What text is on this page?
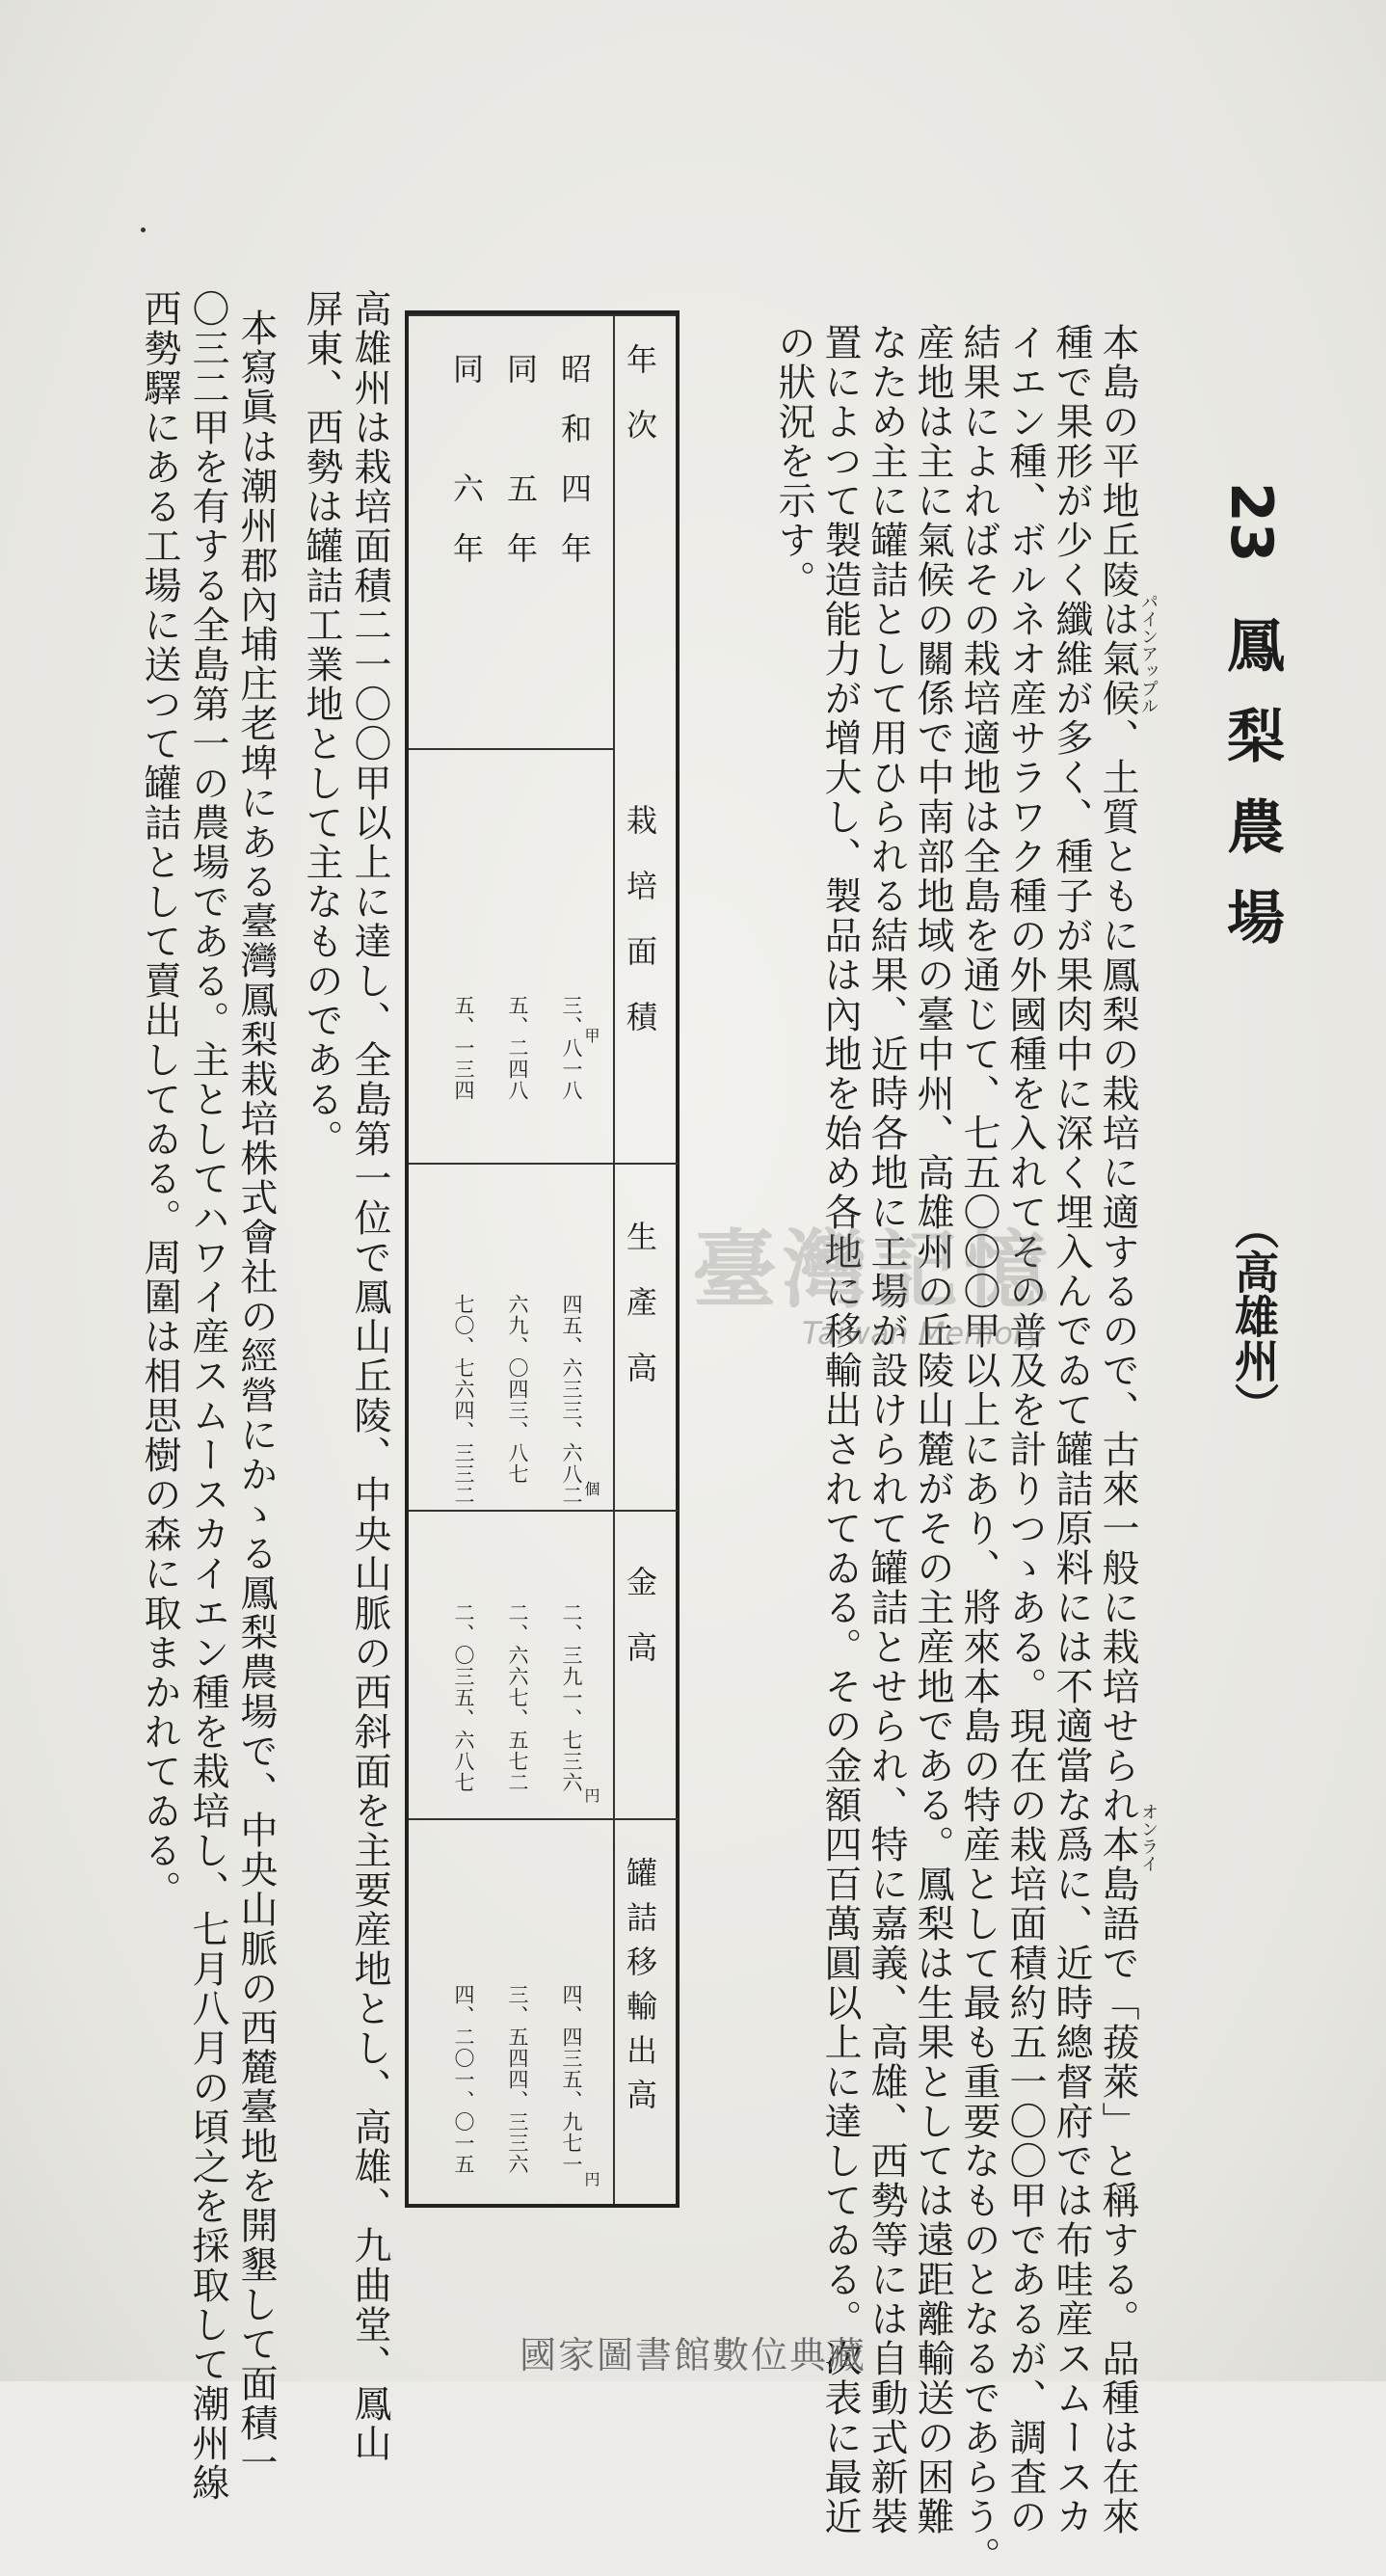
23 鳳梨農場
（高雄州）
本島の平地丘陵は氣候、土質ともに鳳梨の栽培に適するので、古來一般に栽培せられ本島語で「菝萊」と稱する。品種は在來
種で果形が少く纖維が多く、種子が果肉中に深く埋入んでゐて罐詰原料には不適當な爲に、近時總督府では布哇産スムースカ
イエン種、ボルネオ産サラワク種の外國種を入れてその普及を計りつゝある。現在の栽培面積約五一〇〇甲であるが、調査の
結果によればその栽培適地は全島を通じて、七五〇〇〇甲以上にあり、將來本島の特産として最も重要なものとなるであらう。
産地は主に氣候の關係で中南部地域の臺中州、高雄州の丘陵山麓がその主産地である。鳳梨は生果としては遠距離輸送の困難
なため主に罐詰として用ひられる結果、近時各地に工場が設けられて罐詰とせられ、特に嘉義、高雄、西勢等には自動式新裝
置によつて製造能力が增大し、製品は內地を始め各地に移輸出されてゐる。その金額四百萬圓以上に達してゐる。次表に最近
の狀況を示す。
パインアップル
オンライ
年次
栽培面積
生產高
金高
罐詰移輸出高
昭和四年
同　五年
同　六年
甲
三、八一八
五、二四八
五、一三四
個
四五、六三三、六八二
六九、〇四三、八七
七〇、七六四、三三二
円
二、三九一、七三六
二、六六七、五七二
二、〇三五、六八七
円
四、四三五、九七一
三、五四四、三三六
四、二〇一、〇一五
高雄州は栽培面積二一〇〇甲以上に達し、全島第一位で鳳山丘陵、中央山脈の西斜面を主要産地とし、高雄、九曲堂、鳳山
屏東、西勢は罐詰工業地として主なものである。
本寫眞は潮州郡內埔庄老埤にある臺灣鳳梨栽培株式會社の經營にかゝる鳳梨農場で、中央山脈の西麓臺地を開墾して面積一
〇三二甲を有する全島第一の農場である。主としてハワイ産スムースカイエン種を栽培し、七月八月の頃之を採取して潮州線
西勢驛にある工場に送つて罐詰として賣出してゐる。周圍は相思樹の森に取まかれてゐる。	臺灣記憶
Taiwan Memory
國家圖書館數位典藏
